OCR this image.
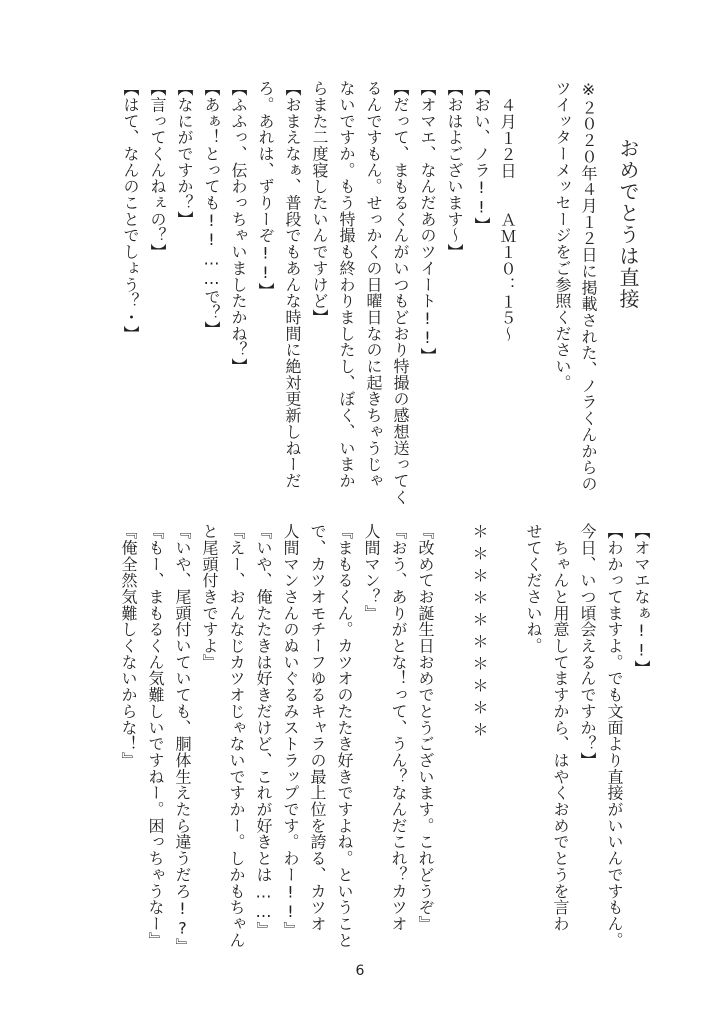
おめでとうは直接
※２０２０年４月１２日に掲載された、ノラくんからの
ツイッターメッセージをご参照ください。
４月１２日　　ＡＭ１０：１５〜
【おい、ノラ!!】
【おはよございます〜】
【オマエ、なんだあのツイート!!】
【だって、まもるくんがいつもどおり特撮の感想送ってく
るんですもん。せっかくの日曜日なのに起きちゃうじゃ
ないですか。もう特撮も終わりましたし、ぼく、いまか
らまた二度寝したいんですけど】
【おまえなぁ、普段でもあんな時間に絶対更新しねーだ
ろ。あれは、ずりーぞ!!】
【ふふっ、伝わっちゃいましたかね？】
【あぁ！とっても!!……で？】
【なにがですか？】
【言ってくんねぇの？】
【はて、なんのことでしょう？・】
【オマエなぁ!!】
【わかってますよ。でも文面より直接がいいんですもん。
今日、いつ頃会えるんですか？】
　ちゃんと用意してますから、はやくおめでとうを言わ
せてくださいね。
＊＊＊＊＊＊＊＊＊＊
『改めてお誕生日おめでとうございます。これどうぞ』
『おう、ありがとな！って、うん？なんだこれ？カツオ
人間マン？』
『まもるくん。カツオのたたき好きですよね。ということ
で、カツオモチーフゆるキャラの最上位を誇る、カツオ
人間マンさんのぬいぐるみストラップです。わー!!』
『いや、俺たたきは好きだけど、これが好きとは……』
『えー、おんなじカツオじゃないですかー。しかもちゃん
と尾頭付きですよ』
『いや、尾頭付いていても、胴体生えたら違うだろ!?』
『もー、まもるくん気難しいですねー。困っちゃうなー』
『俺全然気難しくないからな！』
6
